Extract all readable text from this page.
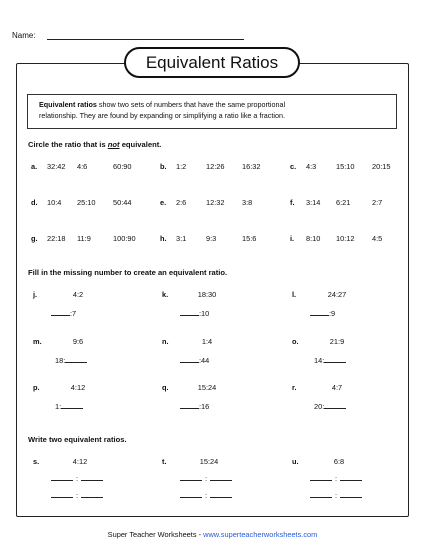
Name:
Equivalent Ratios
Equivalent ratios show two sets of numbers that have the same proportional
relationship. They are found by expanding or simplifying a ratio like a fraction.
Circle the ratio that is not equivalent.
a. 32:42 4:6	60:90	b. 1:2	12:26 16:32	c. 4:3	15:10 20:15
d. 10:4 25:10 50:44	e. 2:6	12:32 3:8	f. 3:14 6:21	2:7
g. 22:18 11:9	100:90	h. 3:1	9:3	15:6	i. 8:10 10:12 4:5
j.	4:2
:7
k.	18:30
:10
l.	24:27
:9
m.	9:6
18:
n.	1:4
:44
o.	21:9
14:
p.	4:12
1:
q.	15:24
:16
r.	4:7
20:
s.	4:12
:
:
t.	15:24
:
:
u.	6:8
:
:
Super Teacher Worksheets - www.superteacherworksheets.com
Fill in the missing number to create an equivalent ratio.
Write two equivalent ratios.
